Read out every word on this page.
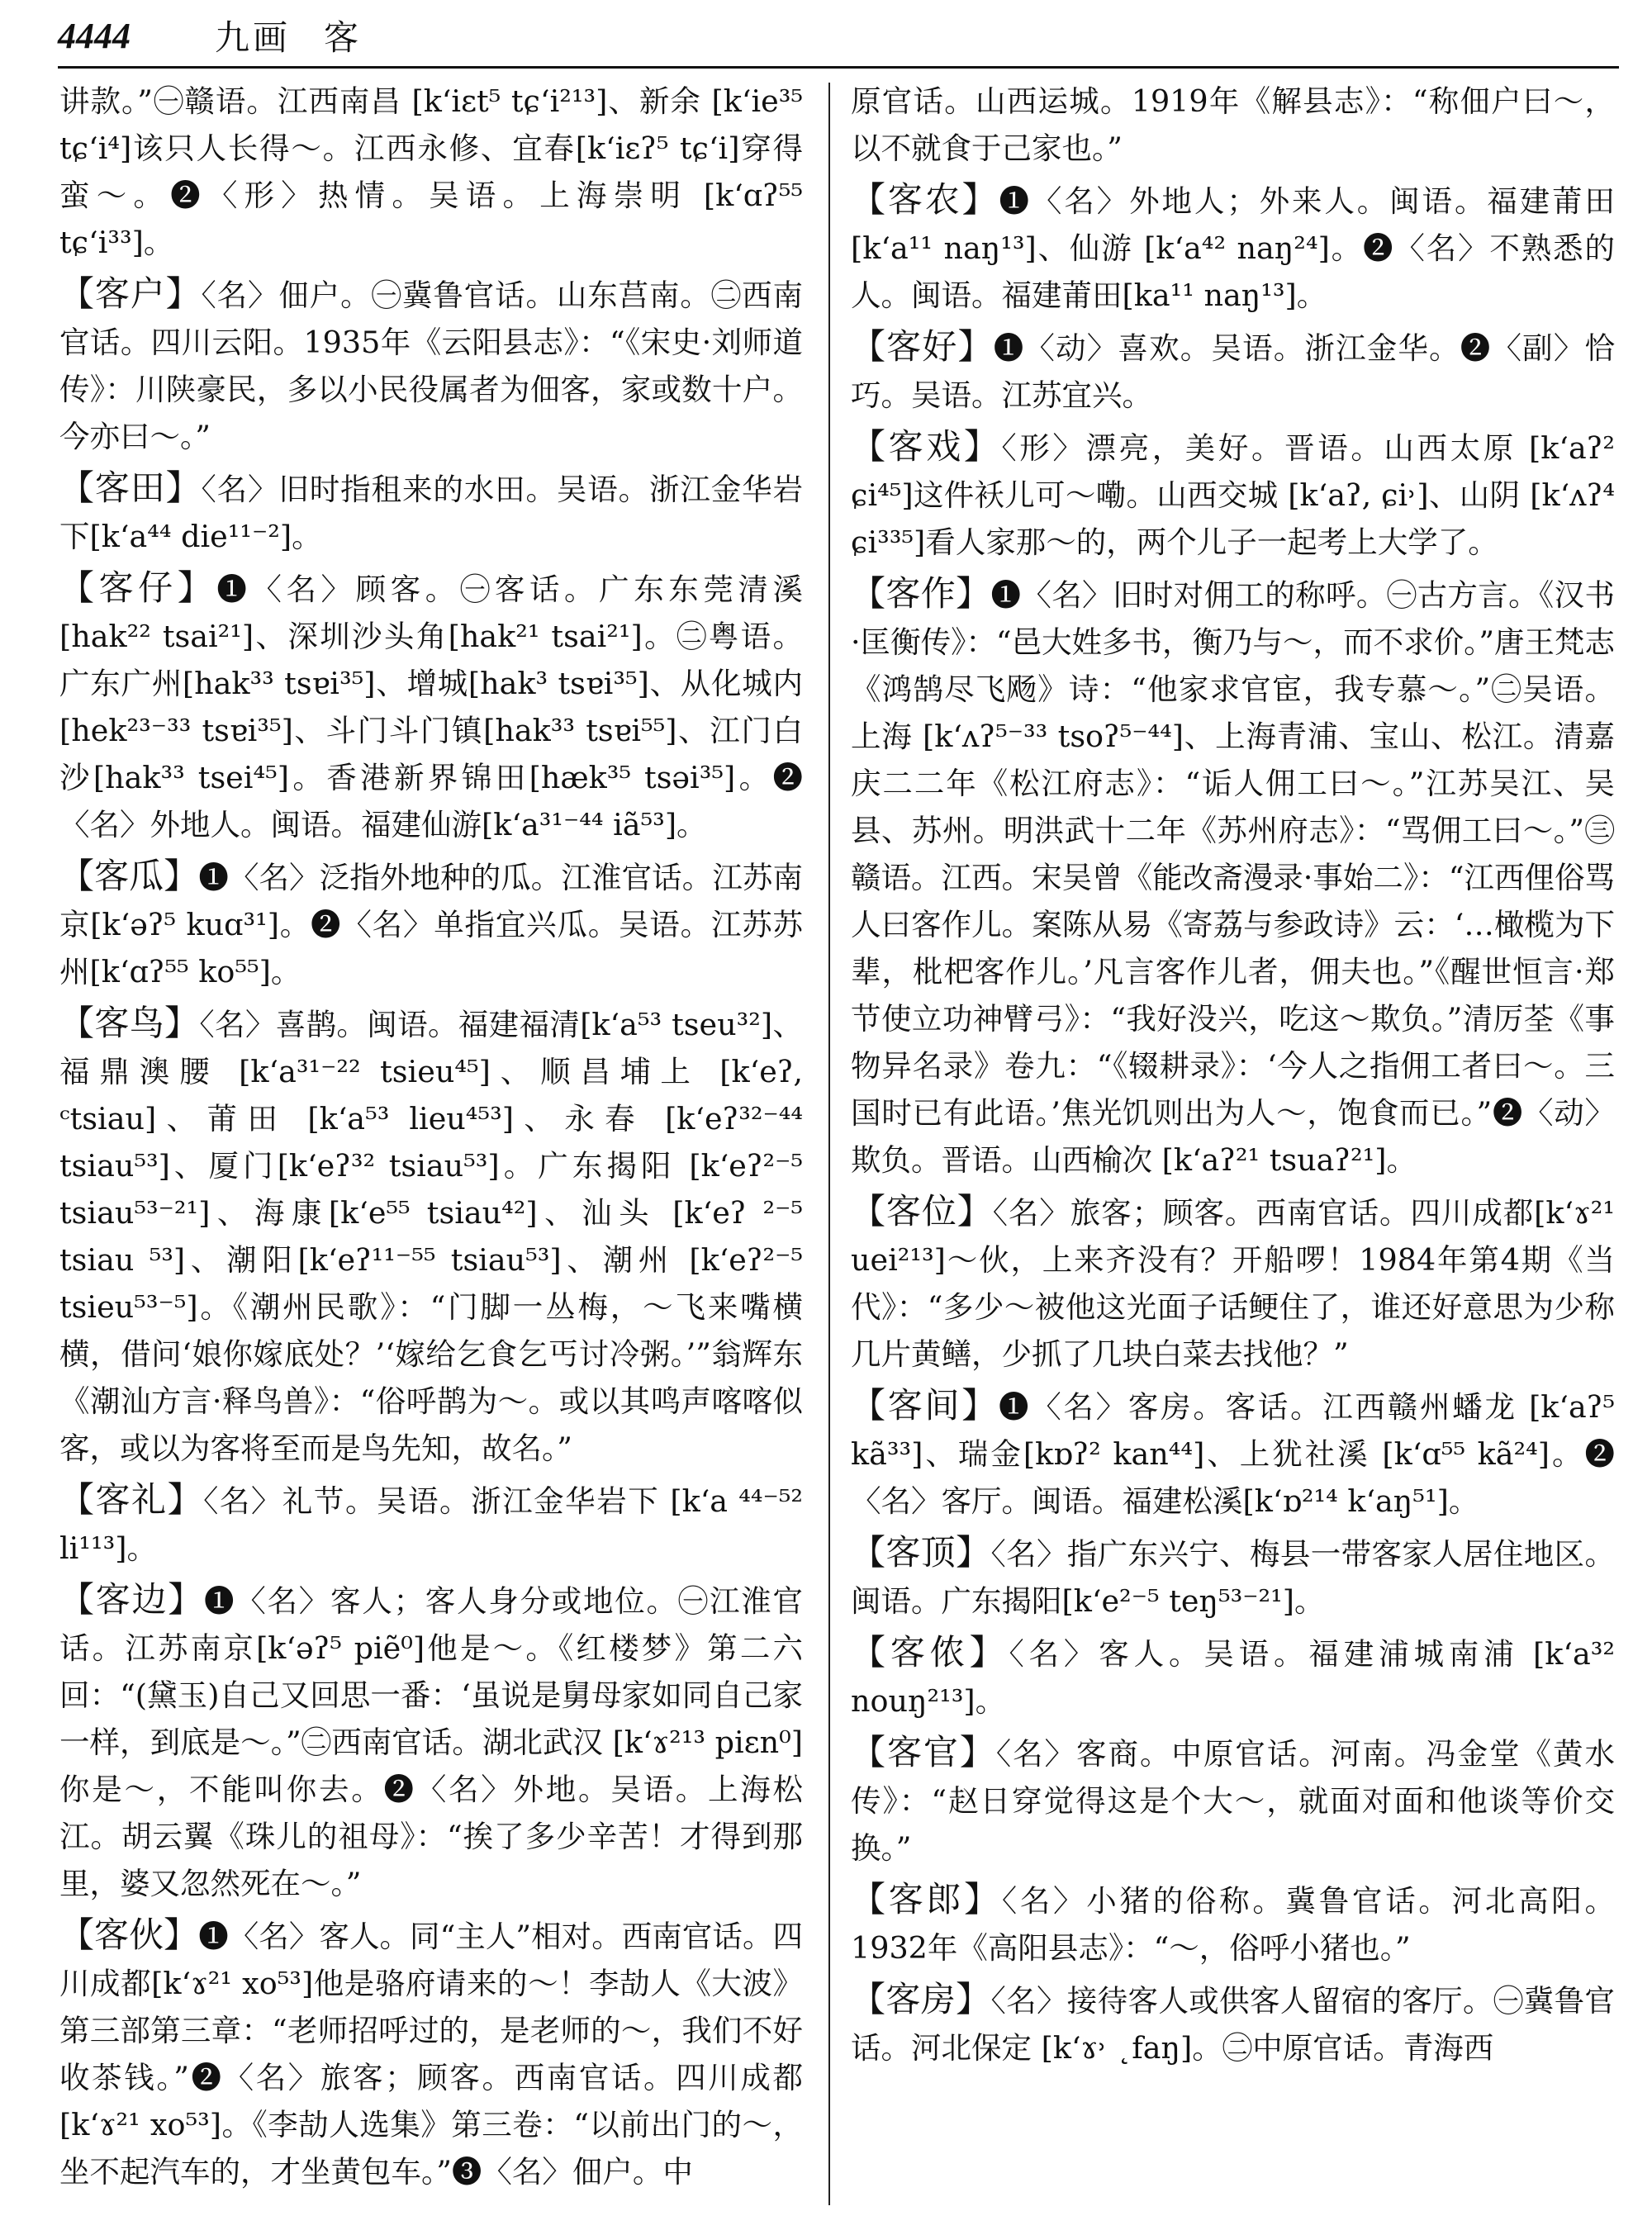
4444	九画 客

讲款。”㊀赣语。江西南昌 [k‘iɛt⁵ tɕ‘i²¹³]、新余 [k‘ie³⁵ tɕ‘i⁴]该只人长得～。江西永修、宜春[k‘iɛʔ⁵ tɕ‘i]穿得蛮～。❷〈形〉热情。吴语。上海崇明 [k‘ɑʔ⁵⁵ tɕ‘i³³]。

【客户】〈名〉佃户。㊀冀鲁官话。山东莒南。㊁西南官话。四川云阳。1935年《云阳县志》：“《宋史·刘师道传》：川陕豪民，多以小民役属者为佃客，家或数十户。今亦曰～。”

【客田】〈名〉旧时指租来的水田。吴语。浙江金华岩下[k‘a⁴⁴ die¹¹⁻²]。

【客仔】❶〈名〉顾客。㊀客话。广东东莞清溪 [hak²² tsai²¹]、深圳沙头角[hak²¹ tsai²¹]。㊁粤语。广东广州[hak³³ tsɐi³⁵]、增城[hak³ tsɐi³⁵]、从化城内[hek²³⁻³³ tsɐi³⁵]、斗门斗门镇[hak³³ tsɐi⁵⁵]、江门白沙[hak³³ tsei⁴⁵]。香港新界锦田[hæk³⁵ tsəi³⁵]。❷〈名〉外地人。闽语。福建仙游[k‘a³¹⁻⁴⁴ iã⁵³]。

【客瓜】❶〈名〉泛指外地种的瓜。江淮官话。江苏南京[k‘əʔ⁵ kuɑ³¹]。❷〈名〉单指宜兴瓜。吴语。江苏苏州[k‘ɑʔ⁵⁵ ko⁵⁵]。

【客鸟】〈名〉喜鹊。闽语。福建福清[k‘a⁵³ tseu³²]、福鼎澳腰 [k‘a³¹⁻²² tsieu⁴⁵]、顺昌埔上 [k‘eʔ, ᶜtsiau]、莆田 [k‘a⁵³ lieu⁴⁵³]、永春 [k‘eʔ³²⁻⁴⁴ tsiau⁵³]、厦门[k‘eʔ³² tsiau⁵³]。广东揭阳 [k‘eʔ²⁻⁵ tsiau⁵³⁻²¹]、海康[k‘e⁵⁵ tsiau⁴²]、汕头 [k‘eʔ ²⁻⁵ tsiau ⁵³]、潮阳[k‘eʔ¹¹⁻⁵⁵ tsiau⁵³]、潮州 [k‘eʔ²⁻⁵ tsieu⁵³⁻⁵]。《潮州民歌》：“门脚一丛梅，～飞来嘴横横，借问‘娘你嫁底处？’‘嫁给乞食乞丐讨冷粥。’”翁辉东《潮汕方言·释鸟兽》：“俗呼鹊为～。或以其鸣声喀喀似客，或以为客将至而是鸟先知，故名。”

【客礼】〈名〉礼节。吴语。浙江金华岩下 [k‘a ⁴⁴⁻⁵² li¹¹³]。

【客边】❶〈名〉客人；客人身分或地位。㊀江淮官话。江苏南京[k‘əʔ⁵ piẽ⁰]他是～。《红楼梦》第二六回：“(黛玉)自己又回思一番：‘虽说是舅母家如同自己家一样，到底是～。”㊁西南官话。湖北武汉 [k‘ɤ²¹³ piɛn⁰]你是～，不能叫你去。❷〈名〉外地。吴语。上海松江。胡云翼《珠儿的祖母》：“挨了多少辛苦！才得到那里，婆又忽然死在～。”

【客伙】❶〈名〉客人。同“主人”相对。西南官话。四川成都[k‘ɤ²¹ xo⁵³]他是骆府请来的～！李劼人《大波》第三部第三章：“老师招呼过的，是老师的～，我们不好收茶钱。”❷〈名〉旅客；顾客。西南官话。四川成都[k‘ɤ²¹ xo⁵³]。《李劼人选集》第三卷：“以前出门的～，坐不起汽车的，才坐黄包车。”❸〈名〉佃户。中

原官话。山西运城。1919年《解县志》：“称佃户曰～，以不就食于己家也。”

【客农】❶〈名〉外地人；外来人。闽语。福建莆田[k‘a¹¹ naŋ¹³]、仙游 [k‘a⁴² naŋ²⁴]。❷〈名〉不熟悉的人。闽语。福建莆田[ka¹¹ naŋ¹³]。

【客好】❶〈动〉喜欢。吴语。浙江金华。❷〈副〉恰巧。吴语。江苏宜兴。

【客戏】〈形〉漂亮，美好。晋语。山西太原 [k‘aʔ² ɕi⁴⁵]这件袄儿可～嘞。山西交城 [k‘aʔ, ɕi˒]、山阴 [k‘ʌʔ⁴ ɕi³³⁵]看人家那～的，两个儿子一起考上大学了。

【客作】❶〈名〉旧时对佣工的称呼。㊀古方言。《汉书·匡衡传》：“邑大姓多书，衡乃与～，而不求价。”唐王梵志《鸿鹄尽飞飏》诗：“他家求官宦，我专慕～。”㊁吴语。上海 [k‘ʌʔ⁵⁻³³ tsoʔ⁵⁻⁴⁴]、上海青浦、宝山、松江。清嘉庆二二年《松江府志》：“诟人佣工曰～。”江苏吴江、吴县、苏州。明洪武十二年《苏州府志》：“骂佣工曰～。”㊂赣语。江西。宋吴曾《能改斋漫录·事始二》：“江西俚俗骂人曰客作儿。案陈从易《寄荔与参政诗》云：‘…橄榄为下辈，枇杷客作儿。’凡言客作儿者，佣夫也。”《醒世恒言·郑节使立功神臂弓》：“我好没兴，吃这～欺负。”清厉荃《事物异名录》卷九：“《辍耕录》：‘今人之指佣工者曰～。三国时已有此语。’焦光饥则出为人～，饱食而已。”❷〈动〉欺负。晋语。山西榆次 [k‘aʔ²¹ tsuaʔ²¹]。

【客位】〈名〉旅客；顾客。西南官话。四川成都[k‘ɤ²¹ uei²¹³]～伙，上来齐没有？开船啰！1984年第4期《当代》：“多少～被他这光面子话鲠住了，谁还好意思为少称几片黄鳝，少抓了几块白菜去找他？”

【客间】❶〈名〉客房。客话。江西赣州蟠龙 [k‘aʔ⁵ kã³³]、瑞金[kɒʔ² kan⁴⁴]、上犹社溪 [k‘ɑ⁵⁵ kã²⁴]。❷〈名〉客厅。闽语。福建松溪[k‘ɒ²¹⁴ k‘aŋ⁵¹]。

【客顶】〈名〉指广东兴宁、梅县一带客家人居住地区。闽语。广东揭阳[k‘e²⁻⁵ teŋ⁵³⁻²¹]。

【客侬】〈名〉客人。吴语。福建浦城南浦 [k‘a³² nouŋ²¹³]。

【客官】〈名〉客商。中原官话。河南。冯金堂《黄水传》：“赵日穿觉得这是个大～，就面对面和他谈等价交换。”

【客郎】〈名〉小猪的俗称。冀鲁官话。河北高阳。1932年《高阳县志》：“～，俗呼小猪也。”

【客房】〈名〉接待客人或供客人留宿的客厅。㊀冀鲁官话。河北保定 [k‘ɤ˒ ˛faŋ]。㊁中原官话。青海西
